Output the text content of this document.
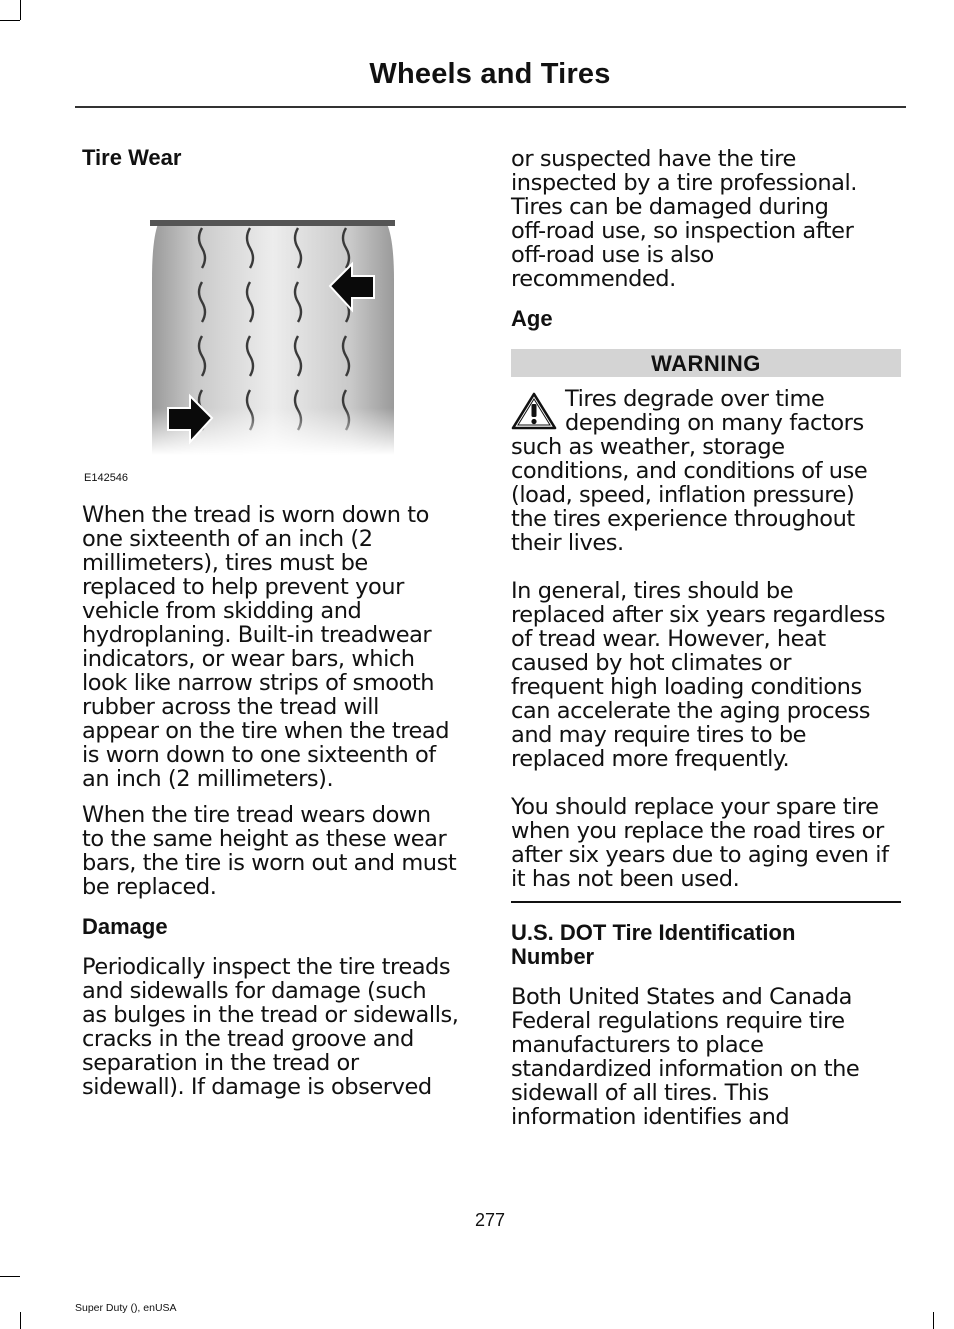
Wheels and Tires
Tire Wear
E142546

When the tread is worn down to
one sixteenth of an inch (2
millimeters), tires must be
replaced to help prevent your
vehicle from skidding and
hydroplaning. Built-in treadwear
indicators, or wear bars, which
look like narrow strips of smooth
rubber across the tread will
appear on the tire when the tread
is worn down to one sixteenth of
an inch (2 millimeters).

When the tire tread wears down
to the same height as these wear
bars, the tire is worn out and must
be replaced.

Damage

Periodically inspect the tire treads
and sidewalls for damage (such
as bulges in the tread or sidewalls,
cracks in the tread groove and
separation in the tread or
sidewall). If damage is observed

or suspected have the tire
inspected by a tire professional.
Tires can be damaged during
off-road use, so inspection after
off-road use is also
recommended.

Age
WARNING

Tires degrade over time
depending on many factors
such as weather, storage
conditions, and conditions of use
(load, speed, inflation pressure)
the tires experience throughout
their lives.

In general, tires should be
replaced after six years regardless
of tread wear. However, heat
caused by hot climates or
frequent high loading conditions
can accelerate the aging process
and may require tires to be
replaced more frequently.

You should replace your spare tire
when you replace the road tires or
after six years due to aging even if
it has not been used.

U.S. DOT Tire Identification
Number

Both United States and Canada
Federal regulations require tire
manufacturers to place
standardized information on the
sidewall of all tires. This
information identifies and

277
Super Duty (), enUSA
